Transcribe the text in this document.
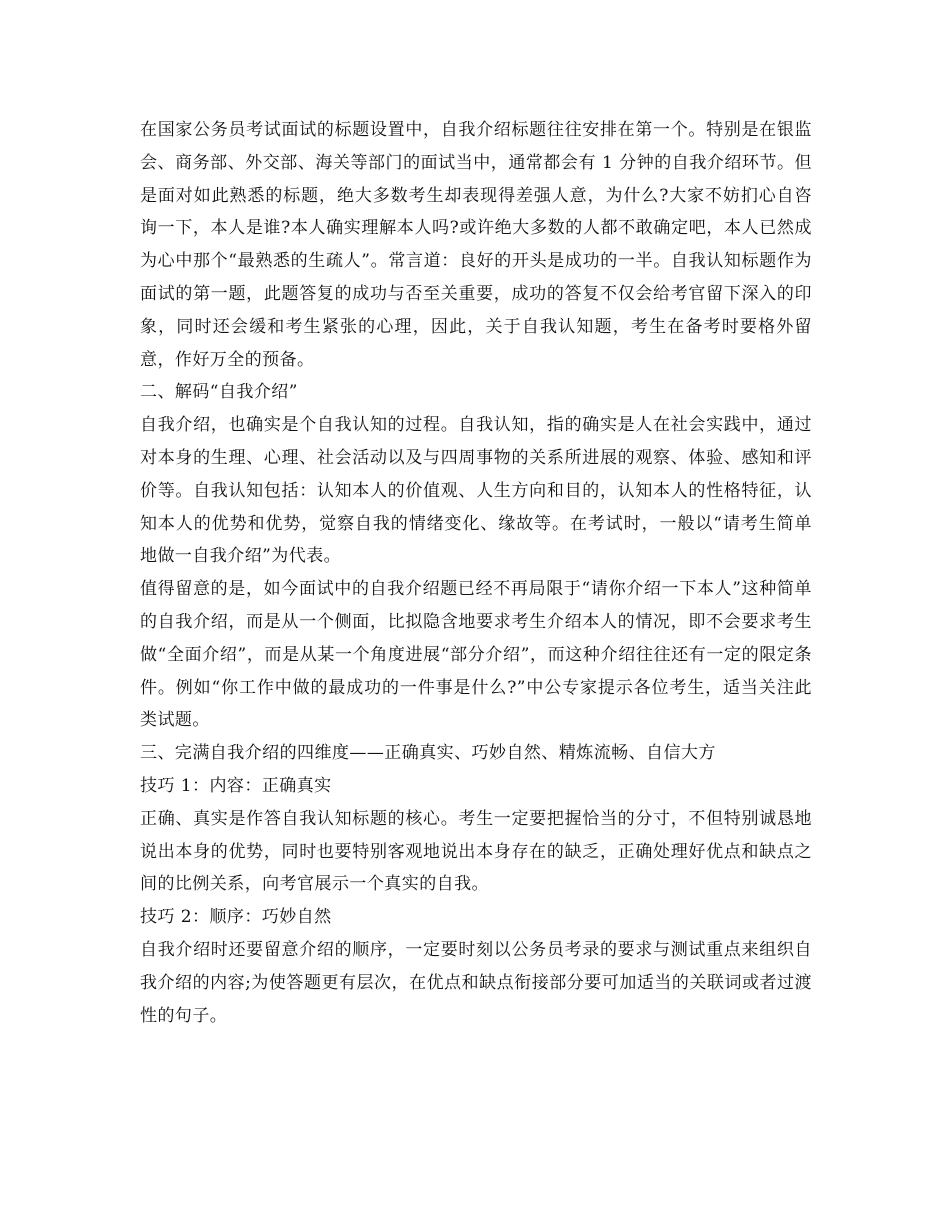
在国家公务员考试面试的标题设置中，自我介绍标题往往安排在第一个。特别是在银监会、商务部、外交部、海关等部门的面试当中，通常都会有 1 分钟的自我介绍环节。但是面对如此熟悉的标题，绝大多数考生却表现得差强人意，为什么?大家不妨扪心自咨询一下，本人是谁?本人确实理解本人吗?或许绝大多数的人都不敢确定吧，本人已然成为心中那个“最熟悉的生疏人”。常言道：良好的开头是成功的一半。自我认知标题作为面试的第一题，此题答复的成功与否至关重要，成功的答复不仅会给考官留下深入的印象，同时还会缓和考生紧张的心理，因此，关于自我认知题，考生在备考时要格外留意，作好万全的预备。

二、解码“自我介绍”

自我介绍，也确实是个自我认知的过程。自我认知，指的确实是人在社会实践中，通过对本身的生理、心理、社会活动以及与四周事物的关系所进展的观察、体验、感知和评价等。自我认知包括：认知本人的价值观、人生方向和目的，认知本人的性格特征，认知本人的优势和优势，觉察自我的情绪变化、缘故等。在考试时，一般以“请考生简单地做一自我介绍”为代表。

值得留意的是，如今面试中的自我介绍题已经不再局限于“请你介绍一下本人”这种简单的自我介绍，而是从一个侧面，比拟隐含地要求考生介绍本人的情况，即不会要求考生做“全面介绍”，而是从某一个角度进展“部分介绍”，而这种介绍往往还有一定的限定条件。例如“你工作中做的最成功的一件事是什么?”中公专家提示各位考生，适当关注此类试题。

三、完满自我介绍的四维度——正确真实、巧妙自然、精炼流畅、自信大方

技巧 1：内容：正确真实

正确、真实是作答自我认知标题的核心。考生一定要把握恰当的分寸，不但特别诚恳地说出本身的优势，同时也要特别客观地说出本身存在的缺乏，正确处理好优点和缺点之间的比例关系，向考官展示一个真实的自我。

技巧 2：顺序：巧妙自然

自我介绍时还要留意介绍的顺序，一定要时刻以公务员考录的要求与测试重点来组织自我介绍的内容;为使答题更有层次，在优点和缺点衔接部分要可加适当的关联词或者过渡性的句子。
